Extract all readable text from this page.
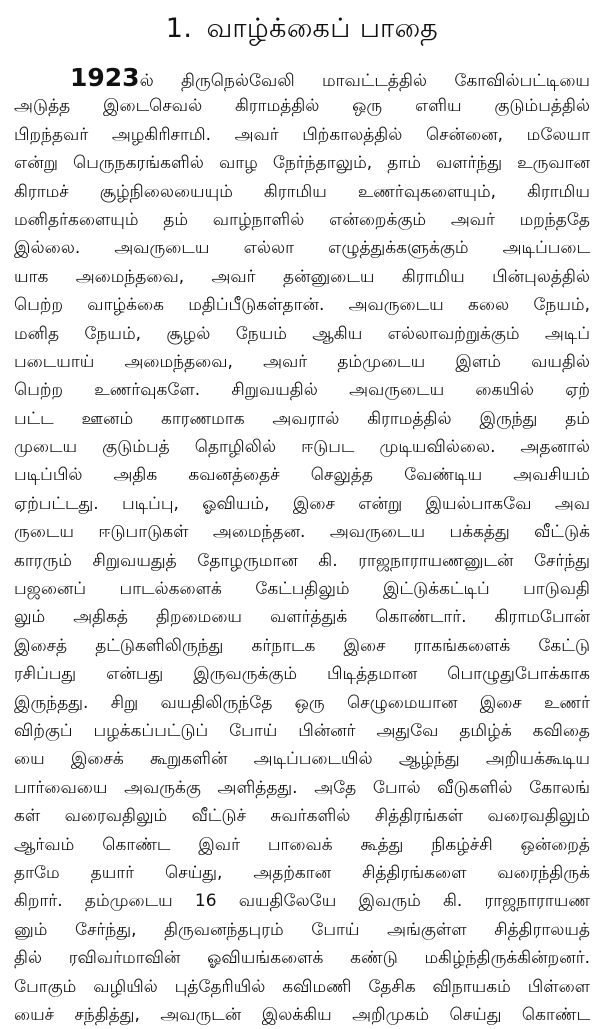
1. வாழ்க்கைப் பாதை
1923ல் திருநெல்வேலி மாவட்டத்தில் கோவில்பட்டியை
அடுத்த இடைசெவல் கிராமத்தில் ஒரு எளிய குடும்பத்தில்
பிறந்தவர் அழகிரிசாமி. அவர் பிற்காலத்தில் சென்னை, மலேயா
என்று பெருநகரங்களில் வாழ நேர்ந்தாலும், தாம் வளர்ந்து உருவான
கிராமச் சூழ்நிலையையும் கிராமிய உணர்வுகளையும், கிராமிய
மனிதர்களையும் தம் வாழ்நாளில் என்றைக்கும் அவர் மறந்ததே
இல்லை. அவருடைய எல்லா எழுத்துக்களுக்கும் அடிப்படை
யாக அமைந்தவை, அவர் தன்னுடைய கிராமிய பின்புலத்தில்
பெற்ற வாழ்க்கை மதிப்பீடுகள்தான். அவருடைய கலை நேயம்,
மனித நேயம், சூழல் நேயம் ஆகிய எல்லாவற்றுக்கும் அடிப்
படையாய் அமைந்தவை, அவர் தம்முடைய இளம் வயதில்
பெற்ற உணர்வுகளே. சிறுவயதில் அவருடைய கையில் ஏற்
பட்ட ஊனம் காரணமாக அவரால் கிராமத்தில் இருந்து தம்
முடைய குடும்பத் தொழிலில் ஈடுபட முடியவில்லை. அதனால்
படிப்பில் அதிக கவனத்தைச் செலுத்த வேண்டிய அவசியம்
ஏற்பட்டது. படிப்பு, ஓவியம், இசை என்று இயல்பாகவே அவ
ருடைய ஈடுபாடுகள் அமைந்தன. அவருடைய பக்கத்து வீட்டுக்
காரரும் சிறுவயதுத் தோழருமான கி. ராஜநாராயணனுடன் சேர்ந்து
பஜனைப் பாடல்களைக் கேட்பதிலும் இட்டுக்கட்டிப் பாடுவதி
லும் அதிகத் திறமையை வளர்த்துக் கொண்டார். கிராமபோன்
இசைத் தட்டுகளிலிருந்து கர்நாடக இசை ராகங்களைக் கேட்டு
ரசிப்பது என்பது இருவருக்கும் பிடித்தமான பொழுதுபோக்காக
இருந்தது. சிறு வயதிலிருந்தே ஒரு செழுமையான இசை உணர்
விற்குப் பழக்கப்பட்டுப் போய் பின்னர் அதுவே தமிழ்க் கவிதை
யை இசைக் கூறுகளின் அடிப்படையில் ஆழ்ந்து அறியக்கூடிய
பார்வையை அவருக்கு அளித்தது. அதே போல் வீடுகளில் கோலங்
கள் வரைவதிலும் வீட்டுச் சுவர்களில் சித்திரங்கள் வரைவதிலும்
ஆர்வம் கொண்ட இவர் பாவைக் கூத்து நிகழ்ச்சி ஒன்றைத்
தாமே தயார் செய்து, அதற்கான சித்திரங்களை வரைந்திருக்
கிறார். தம்முடைய 16 வயதிலேயே இவரும் கி. ராஜநாராயண
னும் சேர்ந்து, திருவனந்தபுரம் போய் அங்குள்ள சித்திராலயத்
தில் ரவிவர்மாவின் ஓவியங்களைக் கண்டு மகிழ்ந்திருக்கின்றனர்.
போகும் வழியில் புத்தேரியில் கவிமணி தேசிக விநாயகம் பிள்ளை
யைச் சந்தித்து, அவருடன் இலக்கிய அறிமுகம் செய்து கொண்ட
